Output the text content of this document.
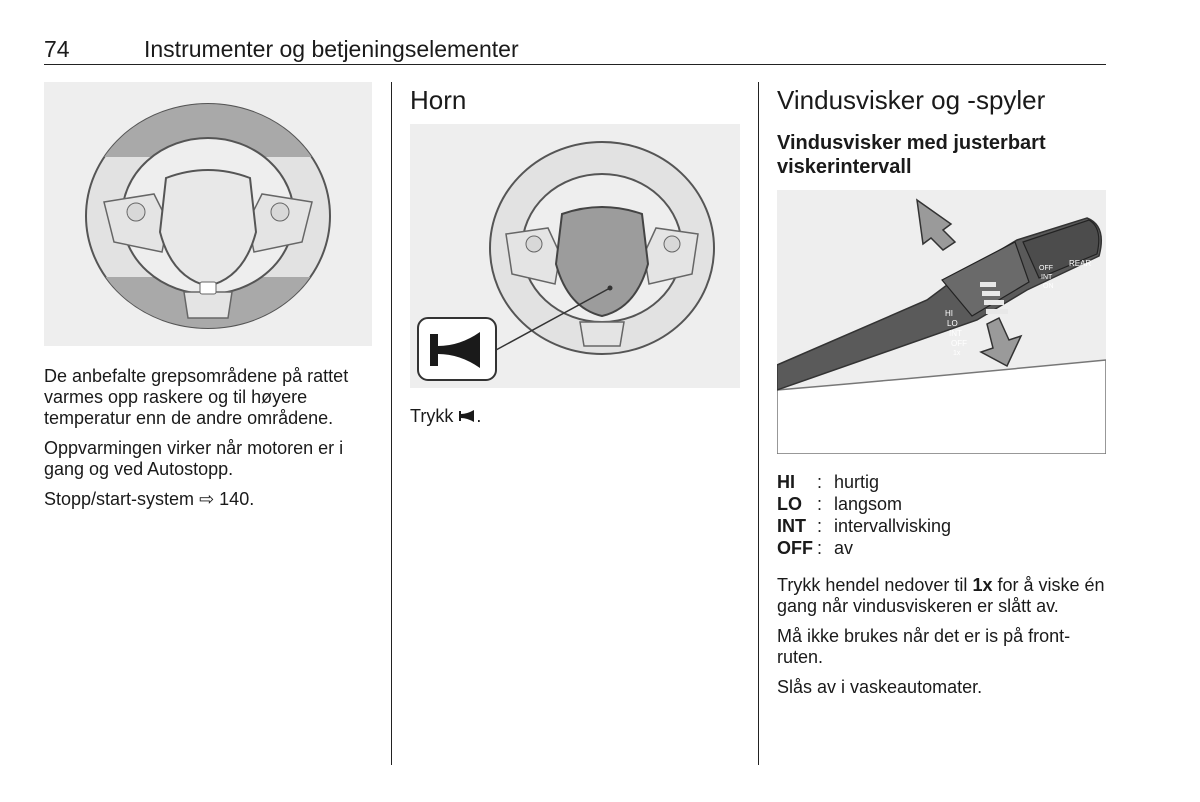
74	Instrumenter og betjeningselementer

De anbefalte grepsområdene på rattet varmes opp raskere og til høyere temperatur enn de andre områdene.

Oppvarmingen virker når motoren er i gang og ved Autostopp.

Stopp/start-system ⇨ 140.

Horn

Trykk .

Vindusvisker og -spyler
Vindusvisker med justerbart viskerintervall
HI
LO
INT
OFF
1x
OFF
INT
ON
REAR
HI	:	hurtig
LO	:	langsom
INT	:	intervallvisking
OFF	:	av

Trykk hendel nedover til 1x for å viske én gang når vindusviskeren er slått av.

Må ikke brukes når det er is på frontruten.

Slås av i vaskeautomater.
